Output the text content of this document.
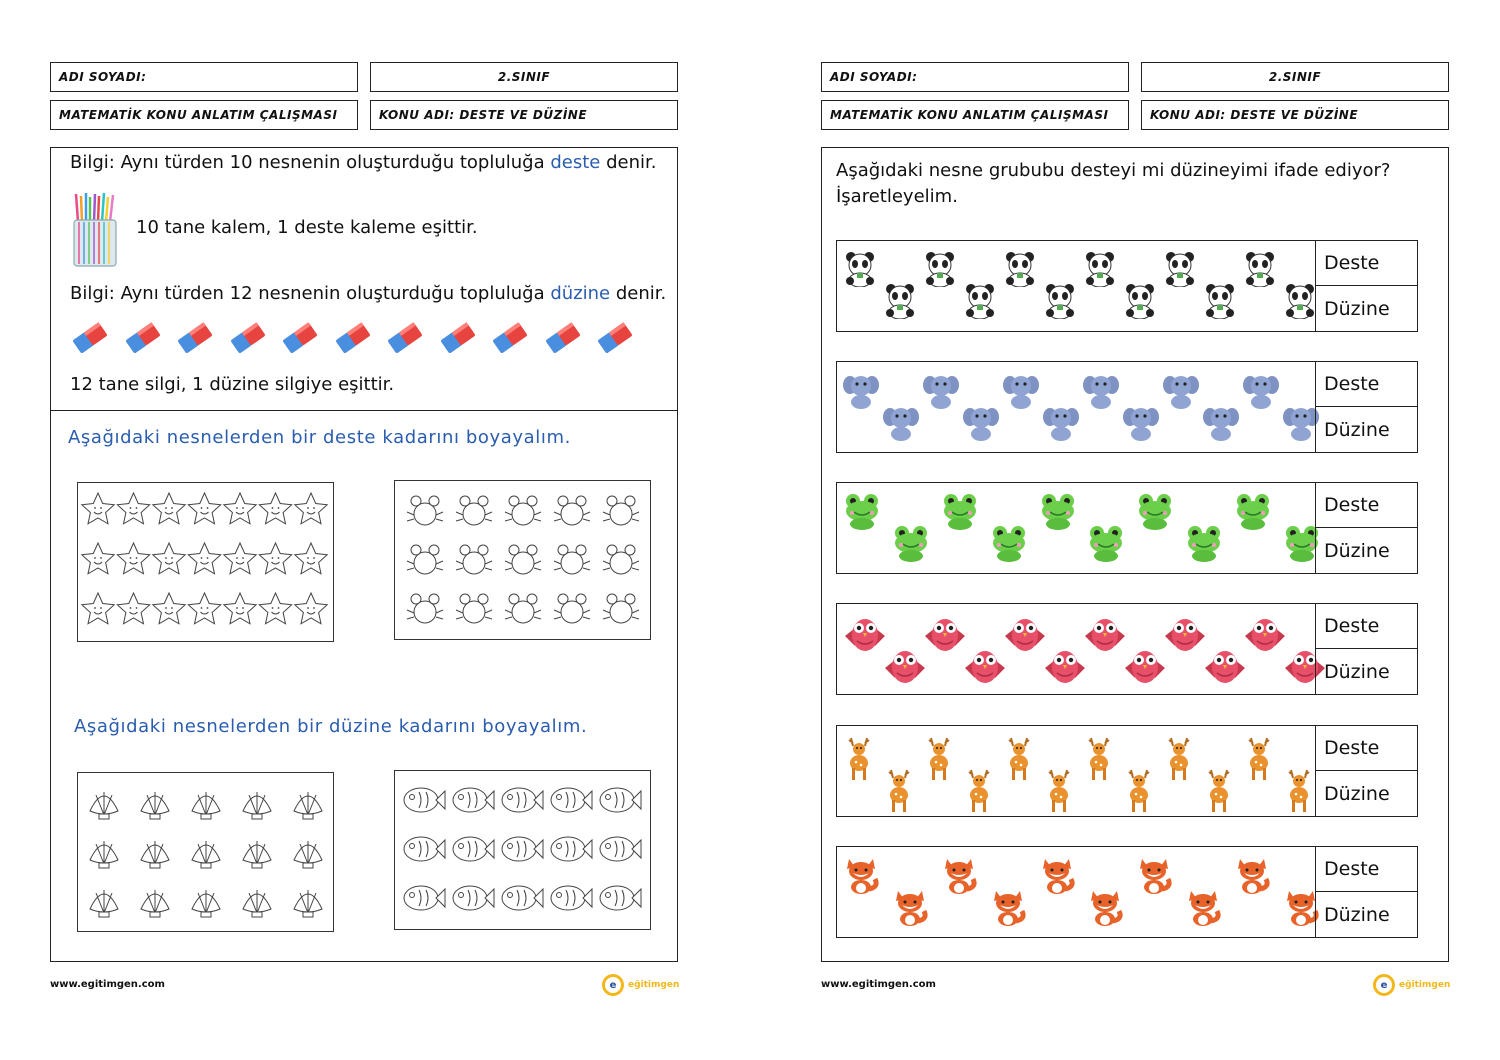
ADI SOYADI:	2.SINIF
MATEMATİK KONU ANLATIM ÇALIŞMASI	KONU ADI: DESTE VE DÜZİNE
Bilgi: Aynı türden 10 nesnenin oluşturduğu topluluğa deste denir.
10 tane kalem, 1 deste kaleme eşittir.
Bilgi: Aynı türden 12 nesnenin oluşturduğu topluluğa düzine denir.
12 tane silgi, 1 düzine silgiye eşittir.
Aşağıdaki nesnelerden bir deste kadarını boyayalım.
Aşağıdaki nesnelerden bir düzine kadarını boyayalım.
www.egitimgen.com	e	eğitimgen
ADI SOYADI:	2.SINIF
MATEMATİK KONU ANLATIM ÇALIŞMASI	KONU ADI: DESTE VE DÜZİNE
Aşağıdaki nesne grububu desteyi mi düzineyimi ifade ediyor?
İşaretleyelim.
Deste
Düzine
Deste
Düzine
Deste
Düzine
Deste
Düzine
Deste
Düzine
Deste
Düzine
www.egitimgen.com	e	eğitimgen
